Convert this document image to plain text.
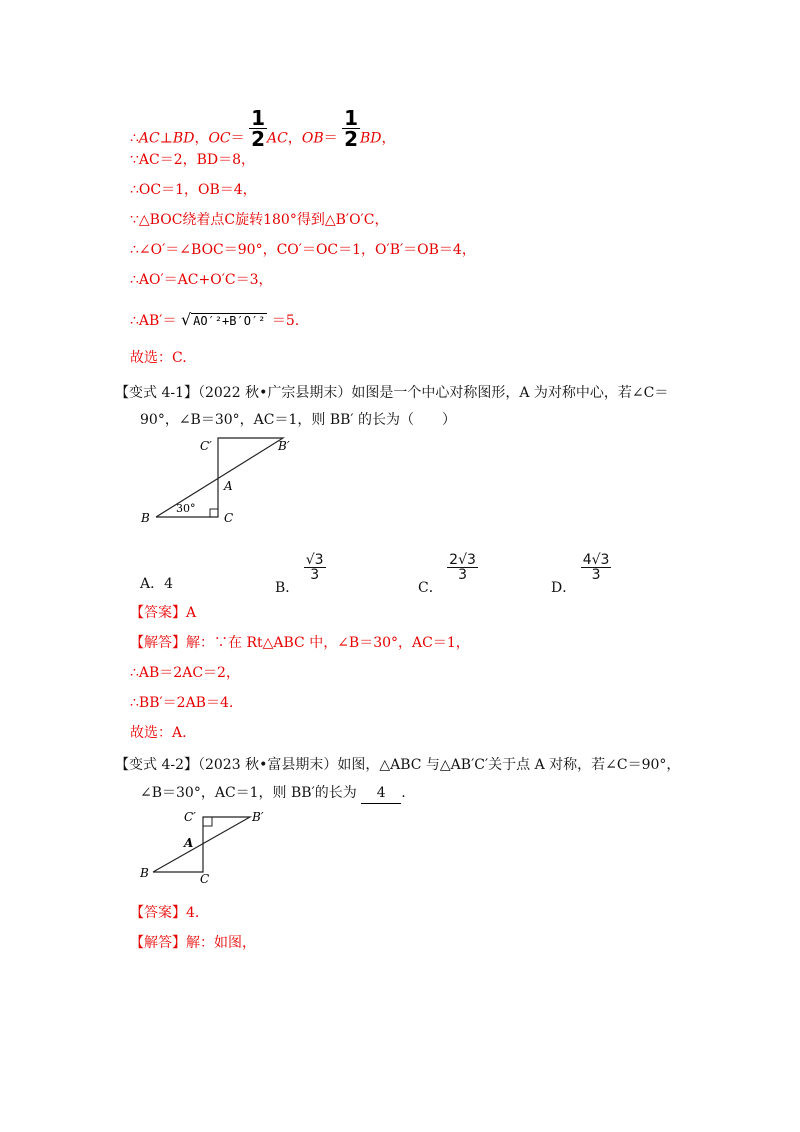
∴AC⊥BD，$OC= \frac{1}{2}$ AC，$OB= \frac{1}{2}$ BD，
∵AC＝2，BD＝8，
∴OC＝1，OB＝4，
∵△BOC绕着点C旋转180°得到△B′O′C，
∴∠O′＝∠BOC＝90°，CO′＝OC＝1，O′B′＝OB＝4，
∴AO′＝AC+O′C＝3，
∴AB′＝ √ AO′²+B′O′² ＝5.
故选：C.
【变式 4-1】（2022 秋•广宗县期末）如图是一个中心对称图形，A 为对称中心，若∠C＝
90°，∠B＝30°，AC＝1，则 BB′ 的长为（　　）
C′	B′
A
B	C
30°
A．4	B．
$\frac{√3}{3}$
C．
$\frac{2√3}{3}$
D．
$\frac{4√3}{3}$
【答案】A
【解答】解：∵在 Rt△ABC 中，∠B＝30°，AC＝1，
∴AB＝2AC＝2，
∴BB′＝2AB＝4.
故选：A.
【变式 4-2】（2023 秋•富县期末）如图，△ABC 与△AB′C′关于点 A 对称，若∠C＝90°，
∠B＝30°，AC＝1，则 BB′的长为 4 .
C′	B′
A
B	C
【答案】4.
【解答】解：如图，
